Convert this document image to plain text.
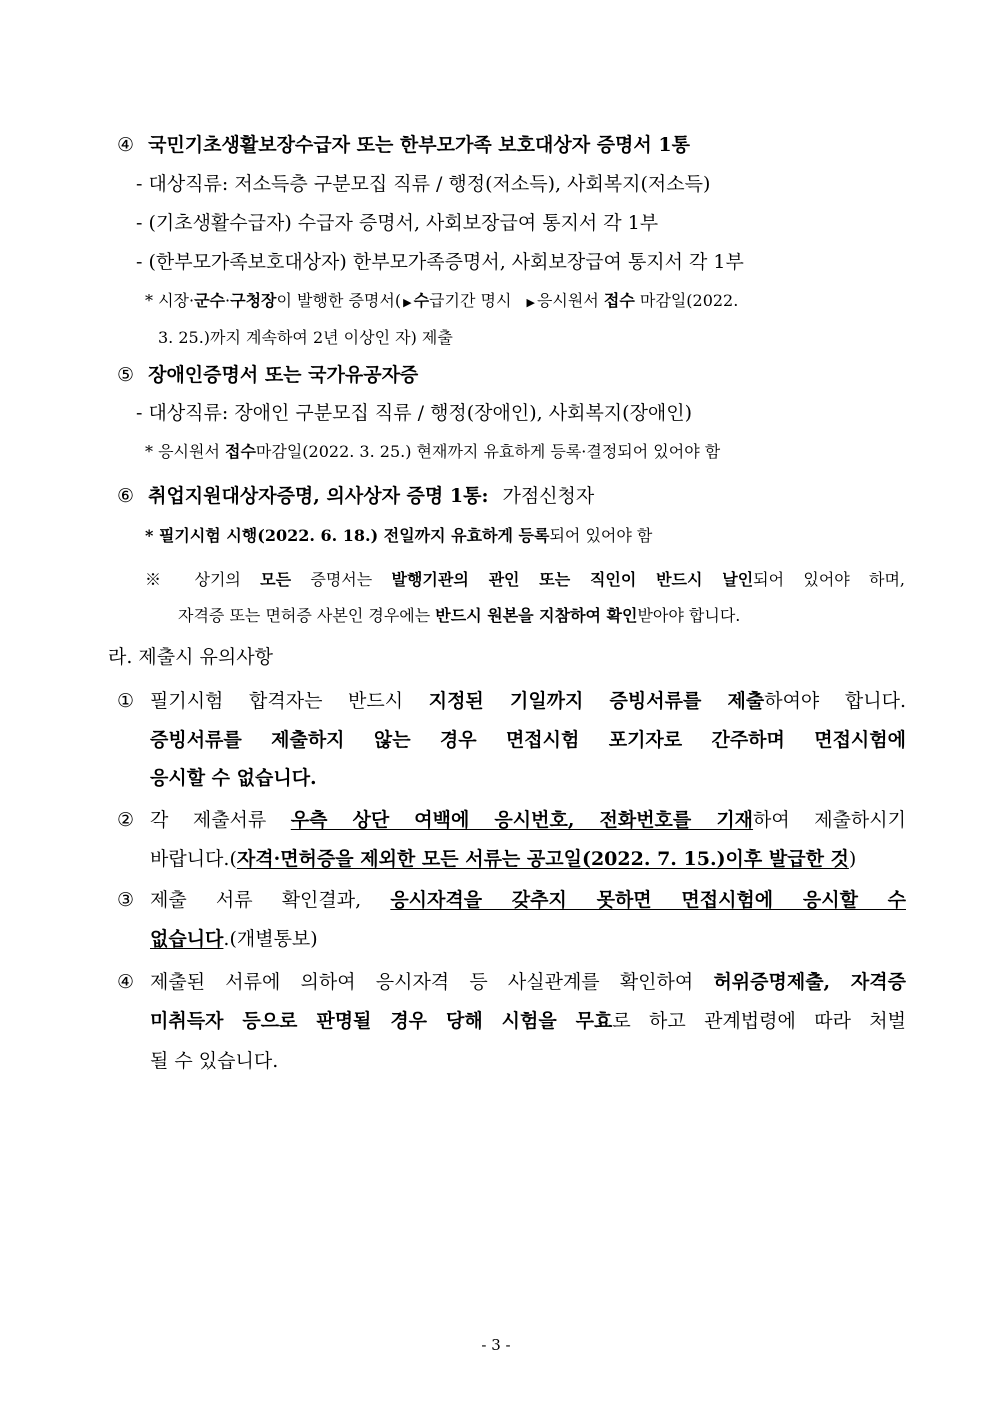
④ 국민기초생활보장수급자 또는 한부모가족 보호대상자 증명서 1통
- 대상직류: 저소득층 구분모집 직류 / 행정(저소득), 사회복지(저소득)
- (기초생활수급자) 수급자 증명서, 사회보장급여 통지서 각 1부
- (한부모가족보호대상자) 한부모가족증명서, 사회보장급여 통지서 각 1부
* 시장·군수·구청장이 발행한 증명서( ▶ 수급기간 명시 ▶ 응시원서 접수 마감일(2022.
3. 25.)까지 계속하여 2년 이상인 자) 제출
⑤ 장애인증명서 또는 국가유공자증
- 대상직류: 장애인 구분모집 직류 / 행정(장애인), 사회복지(장애인)
* 응시원서 접수마감일(2022. 3. 25.) 현재까지 유효하게 등록·결정되어 있어야 함
⑥ 취업지원대상자증명, 의사상자 증명 1통: 가점신청자
* 필기시험 시행(2022. 6. 18.) 전일까지 유효하게 등록되어 있어야 함
※ 상기의 모든 증명서는 발행기관의 관인 또는 직인이 반드시 날인되어 있어야 하며,
자격증 또는 면허증 사본인 경우에는 반드시 원본을 지참하여 확인받아야 합니다.
라. 제출시 유의사항
① 필기시험 합격자는 반드시 지정된 기일까지 증빙서류를 제출하여야 합니다.
증빙서류를 제출하지 않는 경우 면접시험 포기자로 간주하며 면접시험에
응시할 수 없습니다.
② 각 제출서류 우측 상단 여백에 응시번호, 전화번호를 기재하여 제출하시기
바랍니다.(자격·면허증을 제외한 모든 서류는 공고일(2022. 7. 15.)이후 발급한 것)
③ 제출 서류 확인결과, 응시자격을 갖추지 못하면 면접시험에 응시할 수
없습니다.(개별통보)
④ 제출된 서류에 의하여 응시자격 등 사실관계를 확인하여 허위증명제출, 자격증
미취득자 등으로 판명될 경우 당해 시험을 무효로 하고 관계법령에 따라 처벌
될 수 있습니다.
- 3 -
